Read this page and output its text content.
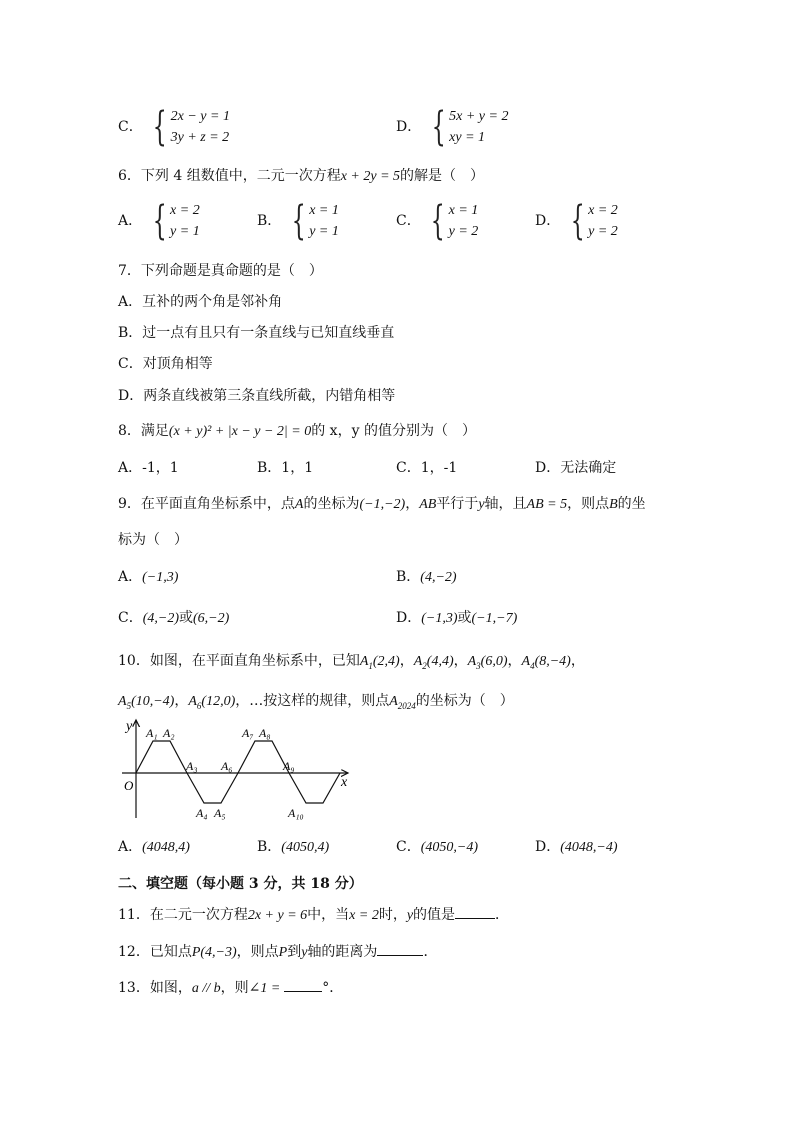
C． { 2x − y = 1
3y + z = 2
D． { 5x + y = 2
xy = 1
6．下列 4 组数值中，二元一次方程x + 2y = 5的解是（　）
A． { x = 2
y = 1
B． { x = 1
y = 1
C． { x = 1
y = 2
D． { x = 2
y = 2
7．下列命题是真命题的是（　）
A．互补的两个角是邻补角
B．过一点有且只有一条直线与已知直线垂直
C．对顶角相等
D．两条直线被第三条直线所截，内错角相等
8．满足(x + y)² + |x − y − 2| = 0的 x，y 的值分别为（　）
A．-1，1	B．1，1	C．1，-1	D．无法确定
9．在平面直角坐标系中，点A的坐标为(−1,−2)，AB平行于y轴，且AB = 5，则点B的坐
标为（　）
A．(−1,3)	B．(4,−2)
C．(4,−2)或(6,−2)	D．(−1,3)或(−1,−7)
10．如图，在平面直角坐标系中，已知$A_1(2,4)$，$A_2(4,4)$，$A_3(6,0)$，$A_4(8,-4)$，
$A_5(10,-4)$，$A_6(12,0)$，…按这样的规律，则点$A_{2024}$的坐标为（　）
y
x
O
A₁ A₂
A₃
A₄ A₅
A₆
A₇ A₈
A₉
A₁₀
A．(4048,4)	B．(4050,4)	C．(4050,−4)	D．(4048,−4)
二、填空题（每小题 3 分，共 18 分）
11．在二元一次方程2x + y = 6中，当x = 2时，y的值是	．
12．已知点P(4,−3)，则点P到y轴的距离为	．
13．如图，a // b，则∠1 =	°．
